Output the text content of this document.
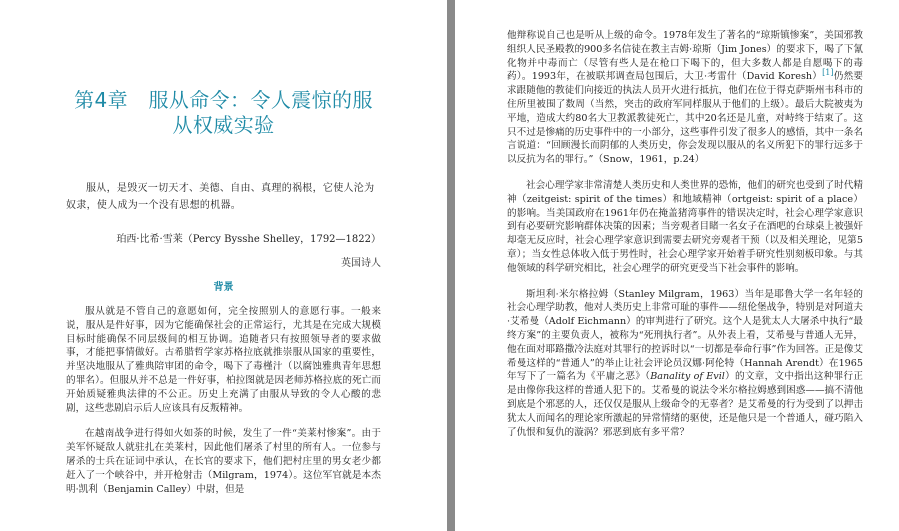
第4章　服从命令：令人震惊的服从权威实验

服从，是毁灭一切天才、美德、自由、真理的祸根，它使人沦为奴隶，使人成为一个没有思想的机器。

珀西·比希·雪莱（Percy Bysshe Shelley，1792—1822）

英国诗人

背景

服从就是不管自己的意愿如何，完全按照别人的意愿行事。一般来说，服从是件好事，因为它能确保社会的正常运行，尤其是在完成大规模目标时能确保不同层级间的相互协调。追随者只有按照领导者的要求做事，才能把事情做好。古希腊哲学家苏格拉底就推崇服从国家的重要性，并坚决地服从了雅典陪审团的命令，喝下了毒槿汁（以腐蚀雅典青年思想的罪名）。但服从并不总是一件好事，柏拉图就是因老师苏格拉底的死亡而开始质疑雅典法律的不公正。历史上充满了由服从导致的令人心酸的悲剧，这些悲剧启示后人应该具有反叛精神。

在越南战争进行得如火如荼的时候，发生了一件“美莱村惨案”。由于美军怀疑敌人就驻扎在美莱村，因此他们屠杀了村里的所有人。一位参与屠杀的士兵在证词中承认，在长官的要求下，他们把村庄里的男女老少都赶入了一个峡谷中，并开枪射击（Milgram，1974）。这位军官就是本杰明·凯利（Benjamin Calley）中尉，但是

他辩称说自己也是听从上级的命令。1978年发生了著名的“琼斯镇惨案”，美国邪教组织人民圣殿教的900多名信徒在教主吉姆·琼斯（Jim Jones）的要求下，喝了下氰化物并中毒而亡（尽管有些人是在枪口下喝下的，但大多数人都是自愿喝下的毒药）。1993年，在被联邦调查局包围后，大卫·考雷什（David Koresh）[1]仍然要求跟随他的教徒们向接近的执法人员开火进行抵抗，他们在位于得克萨斯州韦科市的住所里被围了数周（当然，突击的政府军同样服从于他们的上级）。最后大院被夷为平地，造成大约80名大卫教派教徒死亡，其中20名还是儿童，对峙终于结束了。这只不过是惨痛的历史事件中的一小部分，这些事件引发了很多人的感悟，其中一条名言说道：“回顾漫长而阴郁的人类历史，你会发现以服从的名义所犯下的罪行远多于以反抗为名的罪行。”（Snow，1961，p.24）

社会心理学家非常清楚人类历史和人类世界的恐怖，他们的研究也受到了时代精神（zeitgeist: spirit of the times）和地域精神（ortgeist: spirit of a place）的影响。当美国政府在1961年仍在掩盖猪湾事件的错误决定时，社会心理学家意识到有必要研究影响群体决策的因素；当旁观者目睹一名女子在酒吧的台球桌上被强奸却毫无反应时，社会心理学家意识到需要去研究旁观者干预（以及相关理论，见第5章）；当女性总体收入低于男性时，社会心理学家开始着手研究性别刻板印象。与其他领域的科学研究相比，社会心理学的研究更受当下社会事件的影响。

斯坦利·米尔格拉姆（Stanley Milgram，1963）当年是耶鲁大学一名年轻的社会心理学助教，他对人类历史上非常可耻的事件——纽伦堡战争，特别是对阿道夫·艾希曼（Adolf Eichmann）的审判进行了研究。这个人是犹太人大屠杀中执行“最终方案”的主要负责人，被称为“死刑执行者”。从外表上看，艾希曼与普通人无异，他在面对耶路撒冷法庭对其罪行的控诉时以“一切都是奉命行事”作为回答。正是像艾希曼这样的“普通人”的举止让社会评论员汉娜·阿伦特（Hannah Arendt）在1965年写下了一篇名为《平庸之恶》（Banality of Evil）的文章，文中指出这种罪行正是由像你我这样的普通人犯下的。艾希曼的说法令米尔格拉姆感到困惑——搞不清他到底是个邪恶的人，还仅仅是服从上级命令的无辜者？是艾希曼的行为受到了以押击犹太人而闻名的理论家所激起的异常情绪的驱使，还是他只是一个普通人，碰巧陷入了仇恨和复仇的漩涡？邪恶到底有多平常？
